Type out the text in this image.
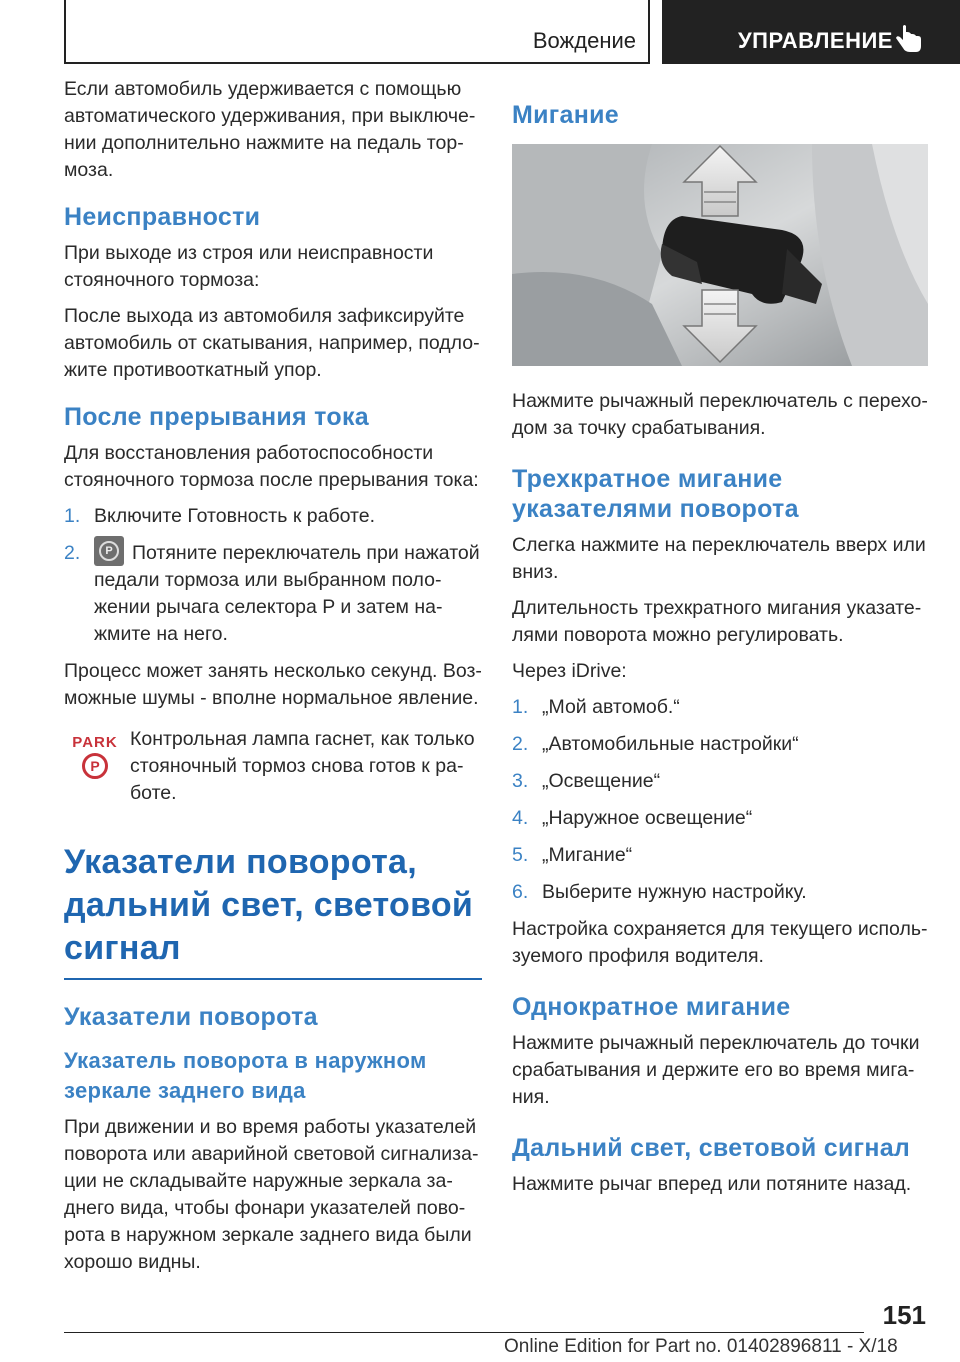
Вождение	УПРАВЛЕНИЕ

Если автомобиль удерживается с помощью автоматического удерживания, при выключении дополнительно нажмите на педаль тормоза.

Неисправности

При выходе из строя или неисправности стояночного тормоза:

После выхода из автомобиля зафиксируйте автомобиль от скатывания, например, подложите противооткатный упор.

После прерывания тока

Для восстановления работоспособности стояночного тормоза после прерывания тока:

1. Включите Готовность к работе.
2.	P Потяните переключатель при нажатой педали тормоза или выбранном положении рычага селектора P и затем нажмите на него.

Процесс может занять несколько секунд. Возможные шумы - вполне нормальное явление.

PARK
P

Контрольная лампа гаснет, как только стояночный тормоз снова готов к работе.

Указатели поворота, дальний свет, световой сигнал
Указатели поворота
Указатель поворота в наружном зеркале заднего вида

При движении и во время работы указателей поворота или аварийной световой сигнализации не складывайте наружные зеркала заднего вида, чтобы фонари указателей поворота в наружном зеркале заднего вида были хорошо видны.

Мигание

Нажмите рычажный переключатель с переходом за точку срабатывания.

Трехкратное мигание указателями поворота

Слегка нажмите на переключатель вверх или вниз.

Длительность трехкратного мигания указателями поворота можно регулировать.

Через iDrive:

1. „Мой автомоб.“
2. „Автомобильные настройки“
3. „Освещение“
4. „Наружное освещение“
5. „Мигание“
6. Выберите нужную настройку.

Настройка сохраняется для текущего используемого профиля водителя.

Однократное мигание

Нажмите рычажный переключатель до точки срабатывания и держите его во время мигания.

Дальний свет, световой сигнал

Нажмите рычаг вперед или потяните назад.

151
Online Edition for Part no. 01402896811 - X/18
